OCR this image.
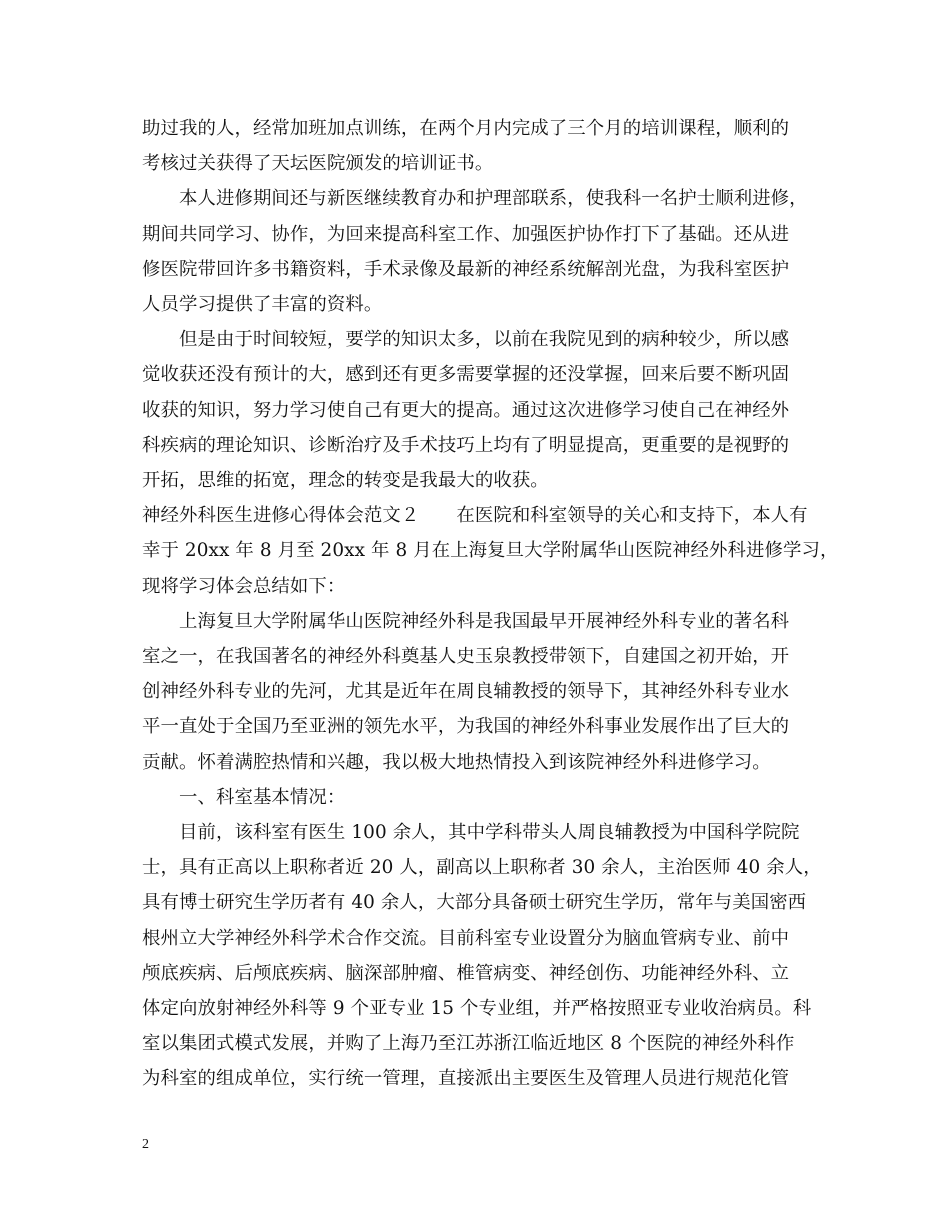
助过我的人，经常加班加点训练，在两个月内完成了三个月的培训课程，顺利的
考核过关获得了天坛医院颁发的培训证书。
　　本人进修期间还与新医继续教育办和护理部联系，使我科一名护士顺利进修，
期间共同学习、协作，为回来提高科室工作、加强医护协作打下了基础。还从进
修医院带回许多书籍资料，手术录像及最新的神经系统解剖光盘，为我科室医护
人员学习提供了丰富的资料。
　　但是由于时间较短，要学的知识太多，以前在我院见到的病种较少，所以感
觉收获还没有预计的大，感到还有更多需要掌握的还没掌握，回来后要不断巩固
收获的知识，努力学习使自己有更大的提高。通过这次进修学习使自己在神经外
科疾病的理论知识、诊断治疗及手术技巧上均有了明显提高，更重要的是视野的
开拓，思维的拓宽，理念的转变是我最大的收获。
神经外科医生进修心得体会范文２　　在医院和科室领导的关心和支持下，本人有
幸于 20xx 年 8 月至 20xx 年 8 月在上海复旦大学附属华山医院神经外科进修学习，
现将学习体会总结如下：
　　上海复旦大学附属华山医院神经外科是我国最早开展神经外科专业的著名科
室之一，在我国著名的神经外科奠基人史玉泉教授带领下，自建国之初开始，开
创神经外科专业的先河，尤其是近年在周良辅教授的领导下，其神经外科专业水
平一直处于全国乃至亚洲的领先水平，为我国的神经外科事业发展作出了巨大的
贡献。怀着满腔热情和兴趣，我以极大地热情投入到该院神经外科进修学习。
　　一、科室基本情况：
　　目前，该科室有医生 100 余人，其中学科带头人周良辅教授为中国科学院院
士，具有正高以上职称者近 20 人，副高以上职称者 30 余人，主治医师 40 余人，
具有博士研究生学历者有 40 余人，大部分具备硕士研究生学历，常年与美国密西
根州立大学神经外科学术合作交流。目前科室专业设置分为脑血管病专业、前中
颅底疾病、后颅底疾病、脑深部肿瘤、椎管病变、神经创伤、功能神经外科、立
体定向放射神经外科等 9 个亚专业 15 个专业组，并严格按照亚专业收治病员。科
室以集团式模式发展，并购了上海乃至江苏浙江临近地区 8 个医院的神经外科作
为科室的组成单位，实行统一管理，直接派出主要医生及管理人员进行规范化管
2
